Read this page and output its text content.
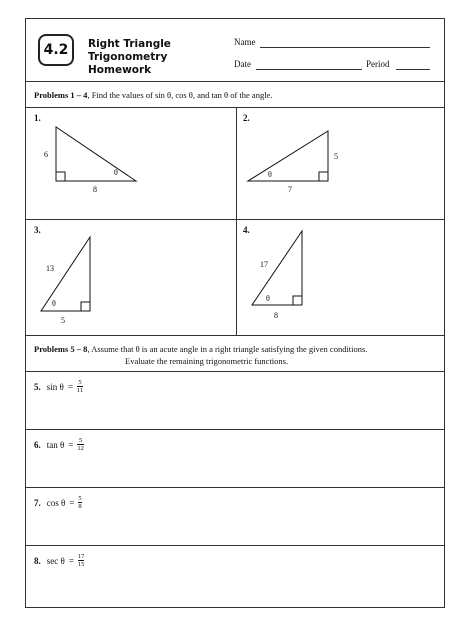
4.2 Right Triangle Trigonometry
Homework
Name
Date	Period
Problems 1 – 4, Find the values of sin θ, cos θ, and tan θ of the angle.
1.
6
8
θ
2.
5
7
θ
3.
13
5
θ
4.
17
8
θ
Problems 5 – 8, Assume that θ is an acute angle in a right triangle satisfying the given conditions.
Evaluate the remaining trigonometric functions.
5. $\sin \theta = \frac{5}{11}$
6. $\tan \theta = \frac{5}{12}$
7. $\cos \theta = \frac{5}{8}$
8. $\sec \theta = \frac{17}{15}$
